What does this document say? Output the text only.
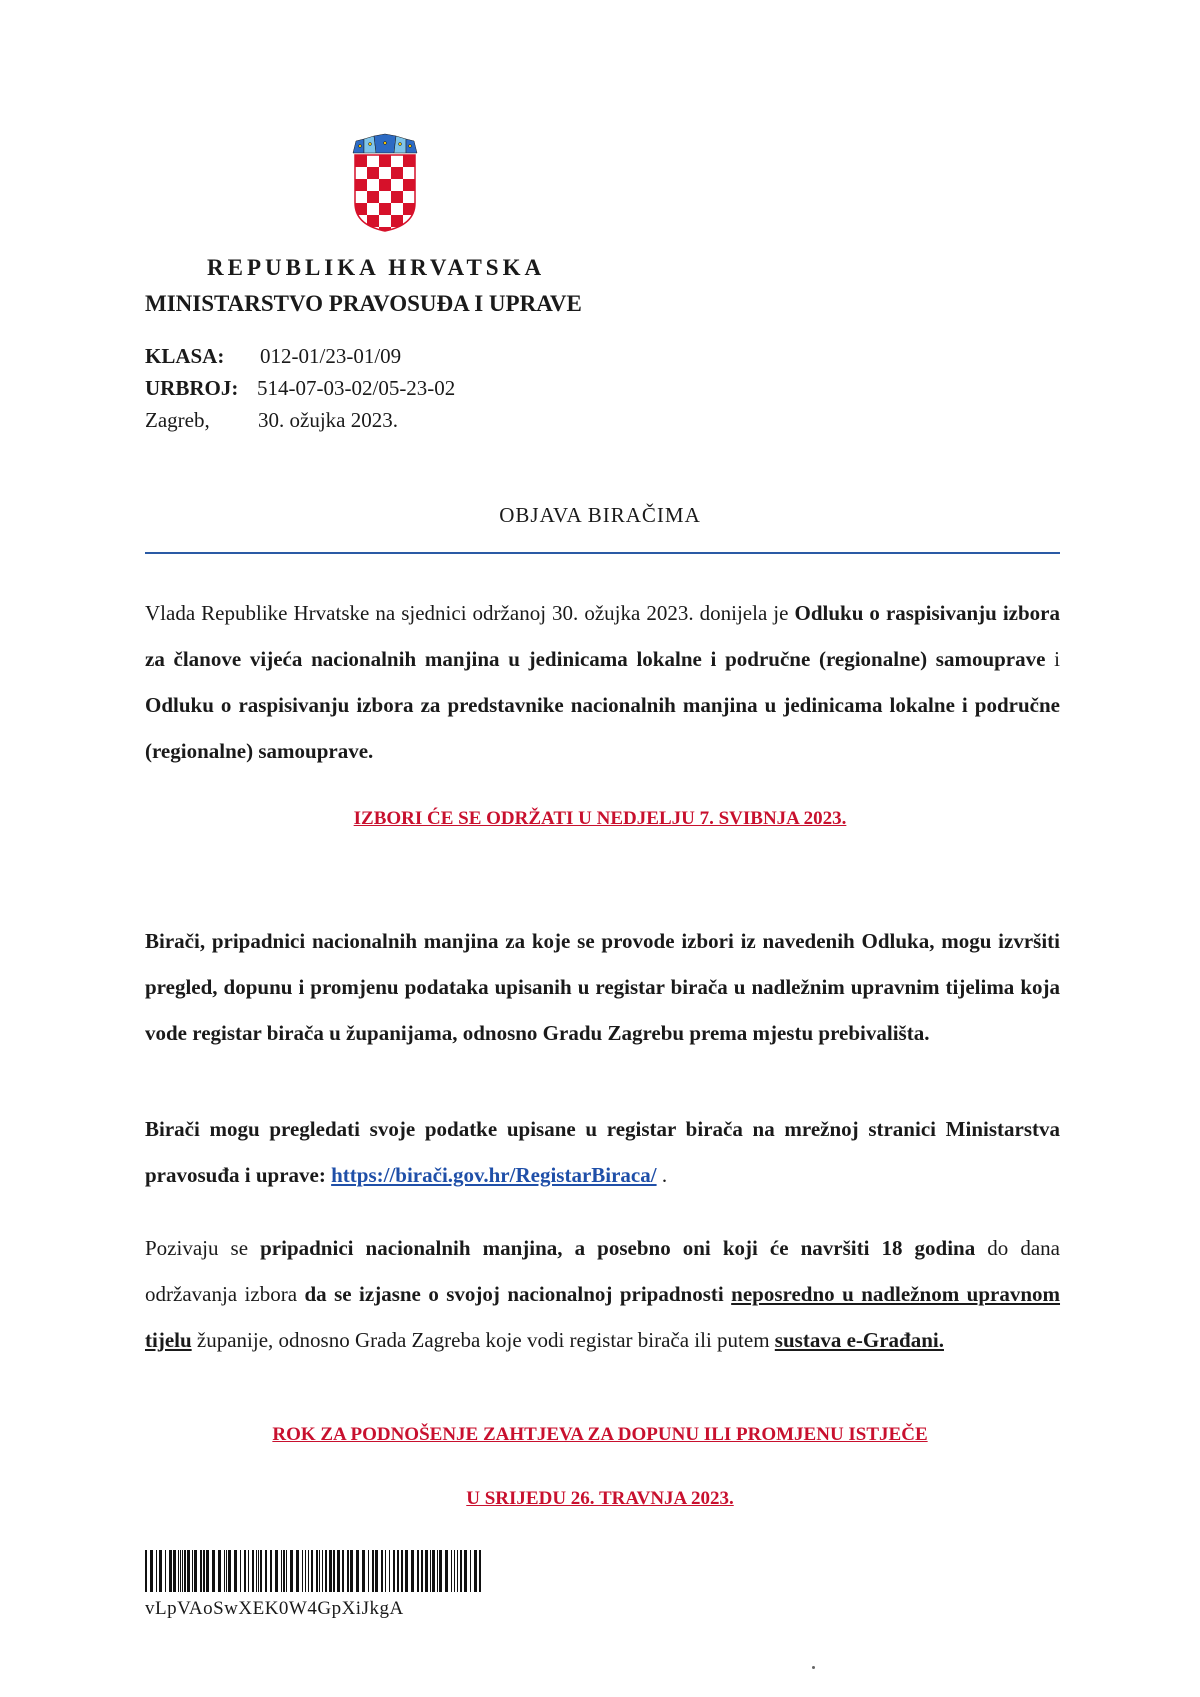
REPUBLIKA HRVATSKA
MINISTARSTVO PRAVOSUĐA I UPRAVE
KLASA: 012-01/23-01/09
URBROJ: 514-07-03-02/05-23-02
Zagreb, 30. ožujka 2023.
OBJAVA BIRAČIMA
Vlada Republike Hrvatske na sjednici održanoj 30. ožujka 2023. donijela je Odluku o raspisivanju izbora za članove vijeća nacionalnih manjina u jedinicama lokalne i područne (regionalne) samouprave i Odluku o raspisivanju izbora za predstavnike nacionalnih manjina u jedinicama lokalne i područne (regionalne) samouprave.
IZBORI ĆE SE ODRŽATI U NEDJELJU 7. SVIBNJA 2023.
Birači, pripadnici nacionalnih manjina za koje se provode izbori iz navedenih Odluka, mogu izvršiti pregled, dopunu i promjenu podataka upisanih u registar birača u nadležnim upravnim tijelima koja vode registar birača u županijama, odnosno Gradu Zagrebu prema mjestu prebivališta.
Birači mogu pregledati svoje podatke upisane u registar birača na mrežnoj stranici Ministarstva pravosuđa i uprave: https://birači.gov.hr/RegistarBiraca/ .
Pozivaju se pripadnici nacionalnih manjina, a posebno oni koji će navršiti 18 godina do dana održavanja izbora da se izjasne o svojoj nacionalnoj pripadnosti neposredno u nadležnom upravnom tijelu županije, odnosno Grada Zagreba koje vodi registar birača ili putem sustava e-Građani.
ROK ZA PODNOŠENJE ZAHTJEVA ZA DOPUNU ILI PROMJENU ISTJEČE
U SRIJEDU 26. TRAVNJA 2023.
vLpVAoSwXEK0W4GpXiJkgA
